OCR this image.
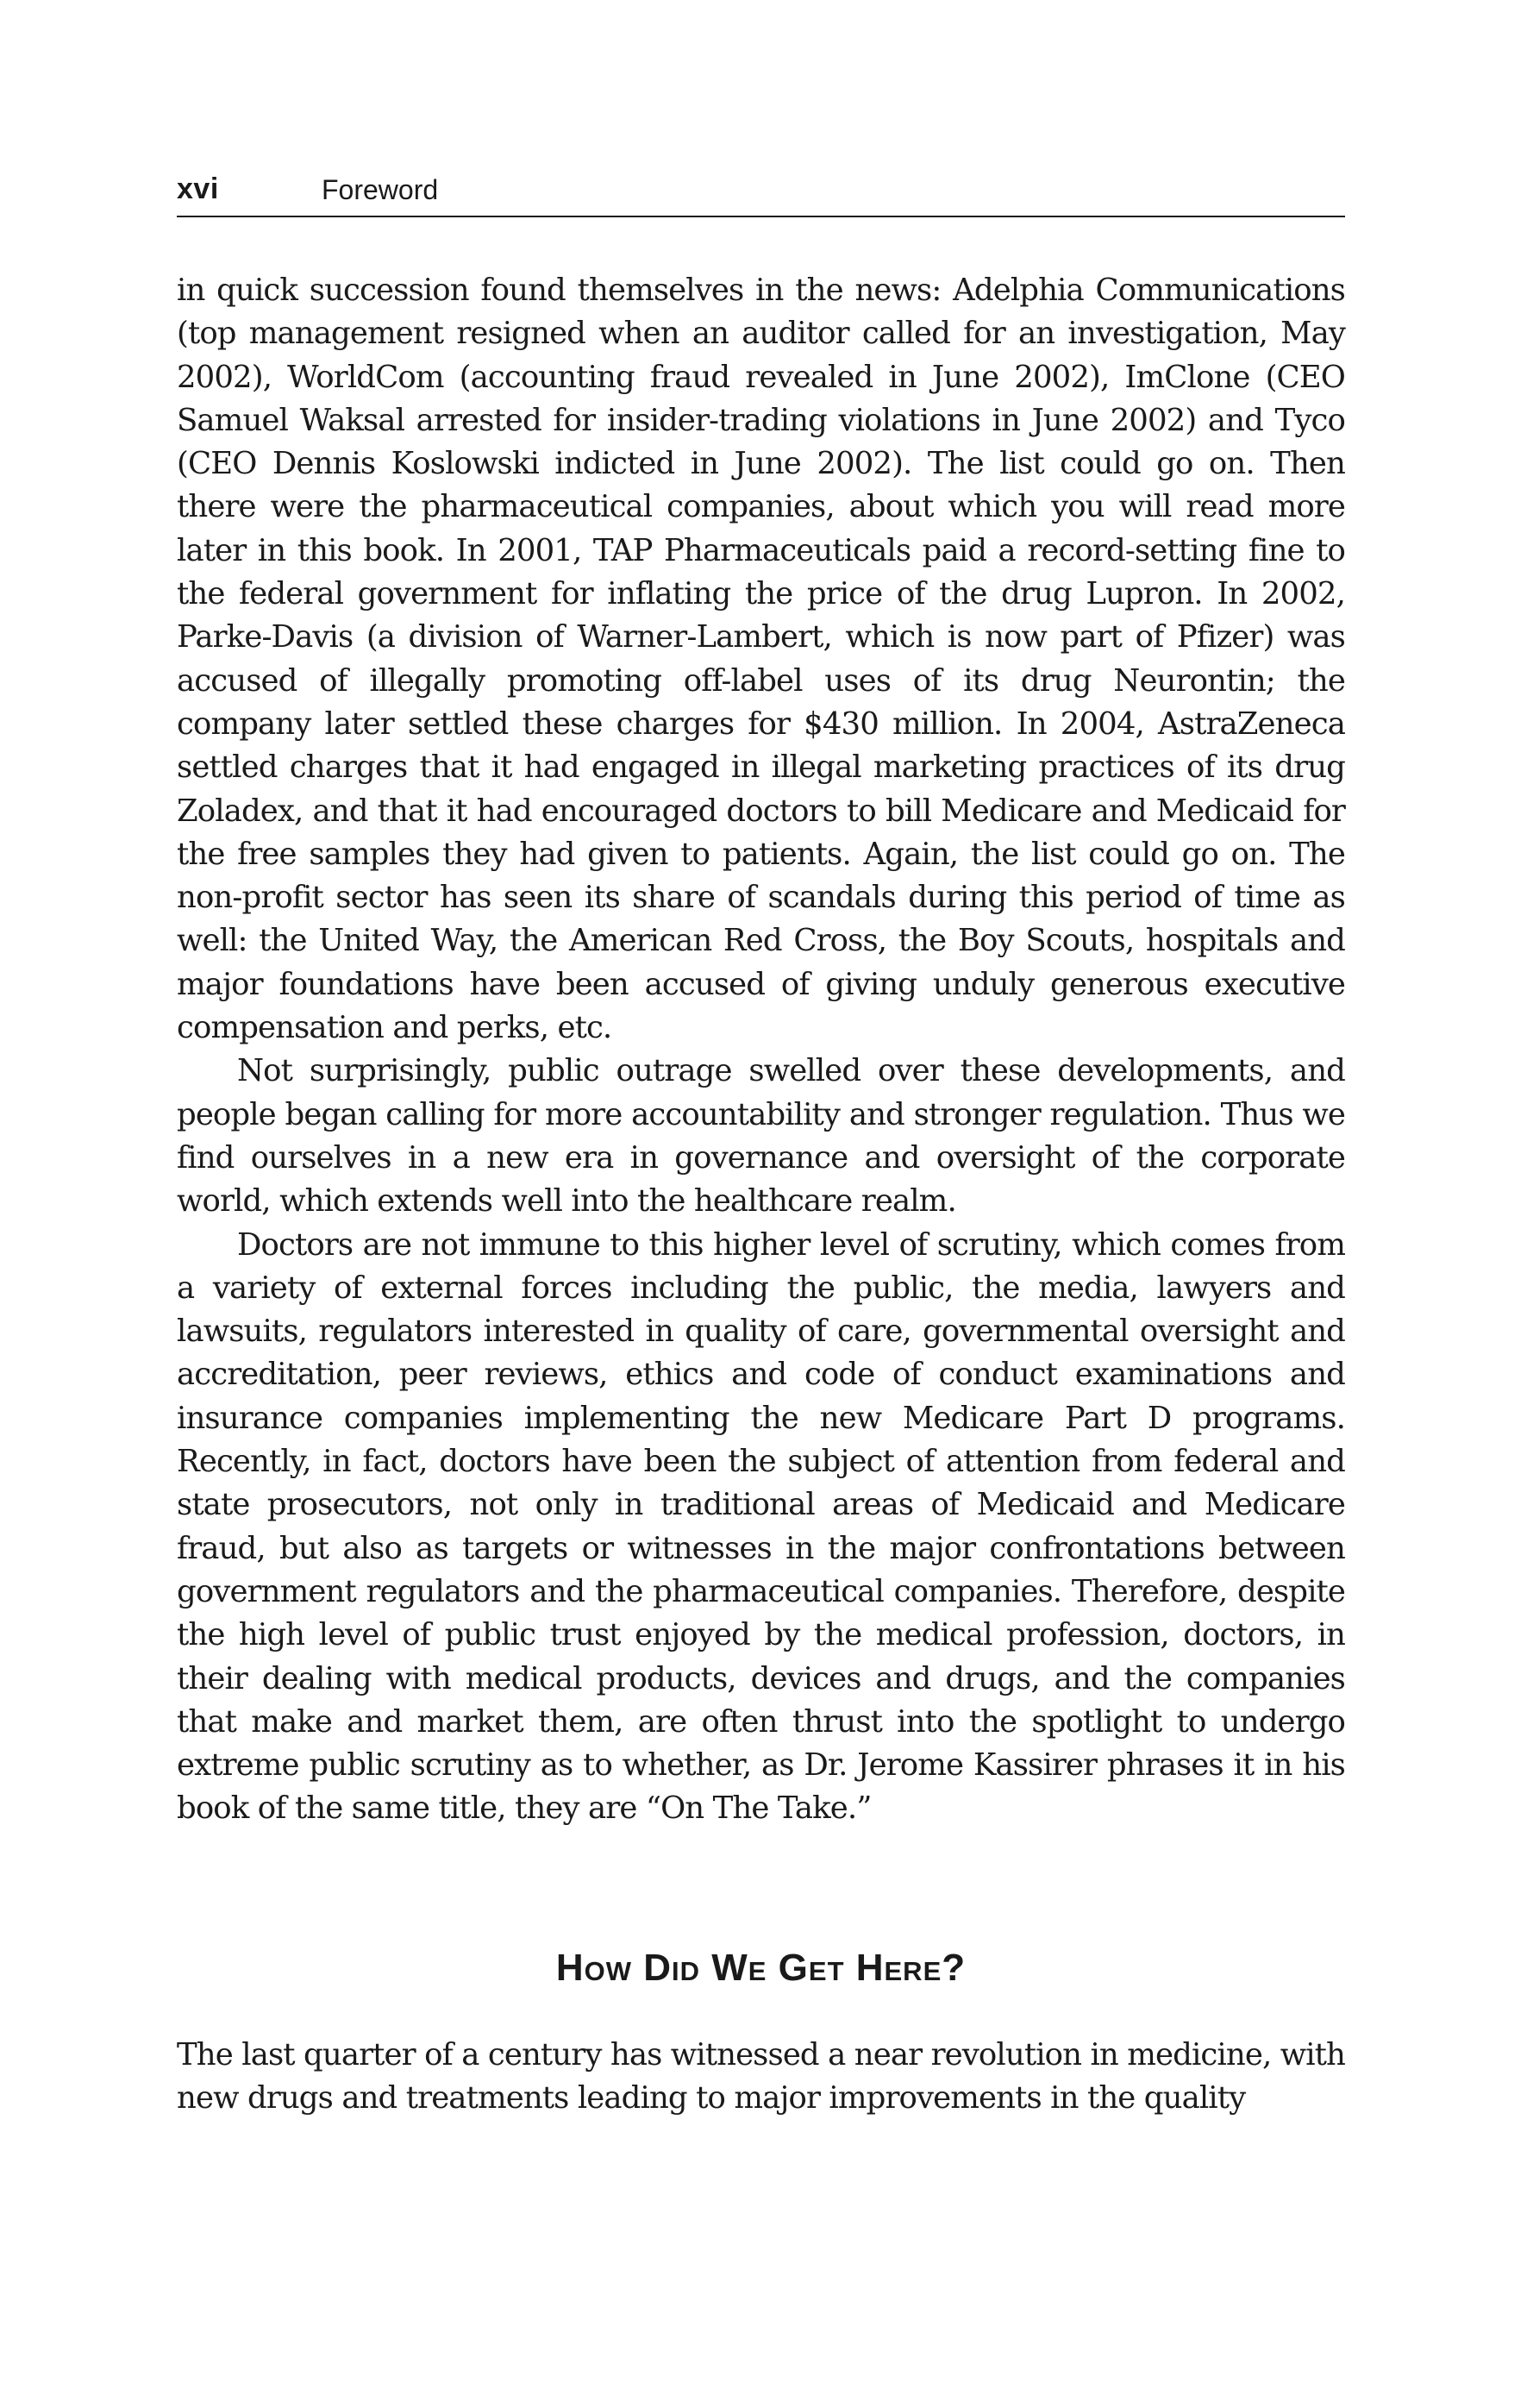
xvi	Foreword

in quick succession found themselves in the news: Adelphia Communications (top management resigned when an auditor called for an investigation, May 2002), WorldCom (accounting fraud revealed in June 2002), ImClone (CEO Samuel Waksal arrested for insider-trading violations in June 2002) and Tyco (CEO Dennis Koslowski indicted in June 2002). The list could go on. Then there were the pharmaceutical companies, about which you will read more later in this book. In 2001, TAP Pharmaceuticals paid a record-setting fine to the federal government for inflating the price of the drug Lupron. In 2002, Parke-Davis (a division of Warner-Lambert, which is now part of Pfizer) was accused of illegally promoting off-label uses of its drug Neurontin; the company later settled these charges for $430 million. In 2004, AstraZeneca settled charges that it had engaged in illegal marketing practices of its drug Zoladex, and that it had encouraged doctors to bill Medicare and Medicaid for the free samples they had given to patients. Again, the list could go on. The non-profit sector has seen its share of scandals during this period of time as well: the United Way, the American Red Cross, the Boy Scouts, hospitals and major foundations have been accused of giving unduly generous executive compensation and perks, etc.

Not surprisingly, public outrage swelled over these developments, and people began calling for more accountability and stronger regulation. Thus we find ourselves in a new era in governance and oversight of the corporate world, which extends well into the healthcare realm.

Doctors are not immune to this higher level of scrutiny, which comes from a variety of external forces including the public, the media, lawyers and lawsuits, regulators interested in quality of care, governmental oversight and accreditation, peer reviews, ethics and code of conduct examinations and insurance companies implementing the new Medicare Part D programs. Recently, in fact, doctors have been the subject of attention from federal and state prosecutors, not only in traditional areas of Medicaid and Medicare fraud, but also as targets or witnesses in the major confrontations between government regulators and the pharmaceutical companies. Therefore, despite the high level of public trust enjoyed by the medical profession, doctors, in their dealing with medical products, devices and drugs, and the companies that make and market them, are often thrust into the spotlight to undergo extreme public scrutiny as to whether, as Dr. Jerome Kassirer phrases it in his book of the same title, they are “On The Take.”

How Did We Get Here?

The last quarter of a century has witnessed a near revolution in medicine, with new drugs and treatments leading to major improvements in the quality
